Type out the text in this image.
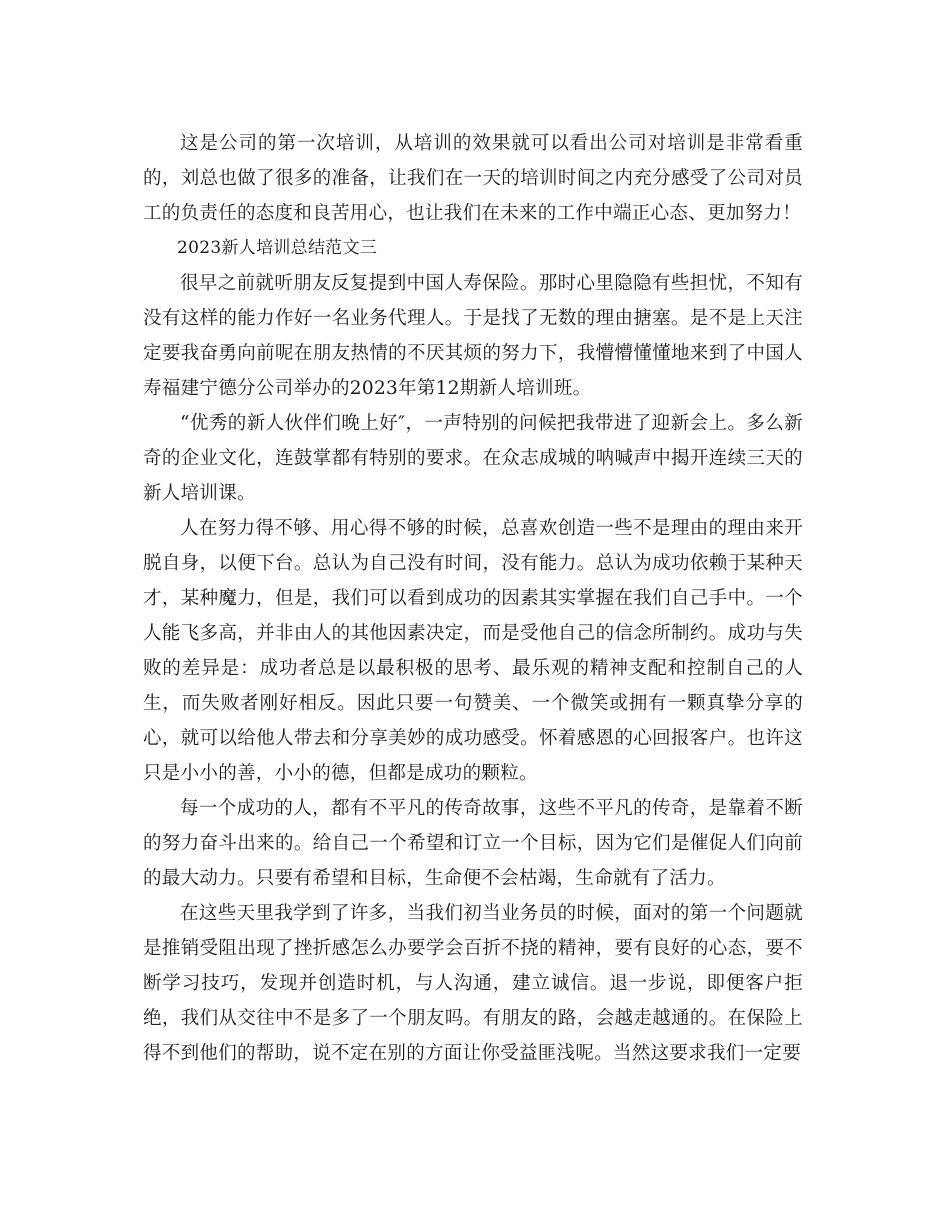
这是公司的第一次培训，从培训的效果就可以看出公司对培训是非常看重的，刘总也做了很多的准备，让我们在一天的培训时间之内充分感受了公司对员工的负责任的态度和良苦用心，也让我们在未来的工作中端正心态、更加努力！

2023新人培训总结范文三

很早之前就听朋友反复提到中国人寿保险。那时心里隐隐有些担忧，不知有没有这样的能力作好一名业务代理人。于是找了无数的理由搪塞。是不是上天注定要我奋勇向前呢在朋友热情的不厌其烦的努力下，我懵懵懂懂地来到了中国人寿福建宁德分公司举办的2023年第12期新人培训班。

“优秀的新人伙伴们晚上好″，一声特别的问候把我带进了迎新会上。多么新奇的企业文化，连鼓掌都有特别的要求。在众志成城的呐喊声中揭开连续三天的新人培训课。

人在努力得不够、用心得不够的时候，总喜欢创造一些不是理由的理由来开脱自身，以便下台。总认为自己没有时间，没有能力。总认为成功依赖于某种天才，某种魔力，但是，我们可以看到成功的因素其实掌握在我们自己手中。一个人能飞多高，并非由人的其他因素决定，而是受他自己的信念所制约。成功与失败的差异是：成功者总是以最积极的思考、最乐观的精神支配和控制自己的人生，而失败者刚好相反。因此只要一句赞美、一个微笑或拥有一颗真挚分享的心，就可以给他人带去和分享美妙的成功感受。怀着感恩的心回报客户。也许这只是小小的善，小小的德，但都是成功的颗粒。

每一个成功的人，都有不平凡的传奇故事，这些不平凡的传奇，是靠着不断的努力奋斗出来的。给自己一个希望和订立一个目标，因为它们是催促人们向前的最大动力。只要有希望和目标，生命便不会枯竭，生命就有了活力。

在这些天里我学到了许多，当我们初当业务员的时候，面对的第一个问题就是推销受阻出现了挫折感怎么办要学会百折不挠的精神，要有良好的心态，要不断学习技巧，发现并创造时机，与人沟通，建立诚信。退一步说，即便客户拒绝，我们从交往中不是多了一个朋友吗。有朋友的路，会越走越通的。在保险上得不到他们的帮助，说不定在别的方面让你受益匪浅呢。当然这要求我们一定要
